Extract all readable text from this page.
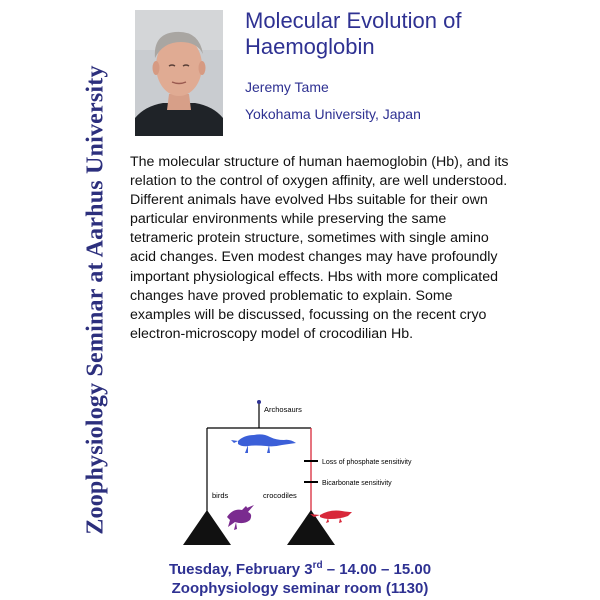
Zoophysiology Seminar at Aarhus University
Molecular Evolution of Haemoglobin
Jeremy Tame
Yokohama University, Japan

The molecular structure of human haemoglobin (Hb), and its relation to the control of oxygen affinity, are well understood. Different animals have evolved Hbs suitable for their own particular environments while preserving the same tetrameric protein structure, sometimes with single amino acid changes. Even modest changes may have profoundly important physiological effects. Hbs with more complicated changes have proved problematic to explain. Some examples will be discussed, focussing on the recent cryo electron-microscopy model of crocodilian Hb.

Archosaurs
Loss of phosphate sensitivity
Bicarbonate sensitivity
birds	crocodiles
Tuesday, February 3rd – 14.00 – 15.00
Zoophysiology seminar room (1130)
